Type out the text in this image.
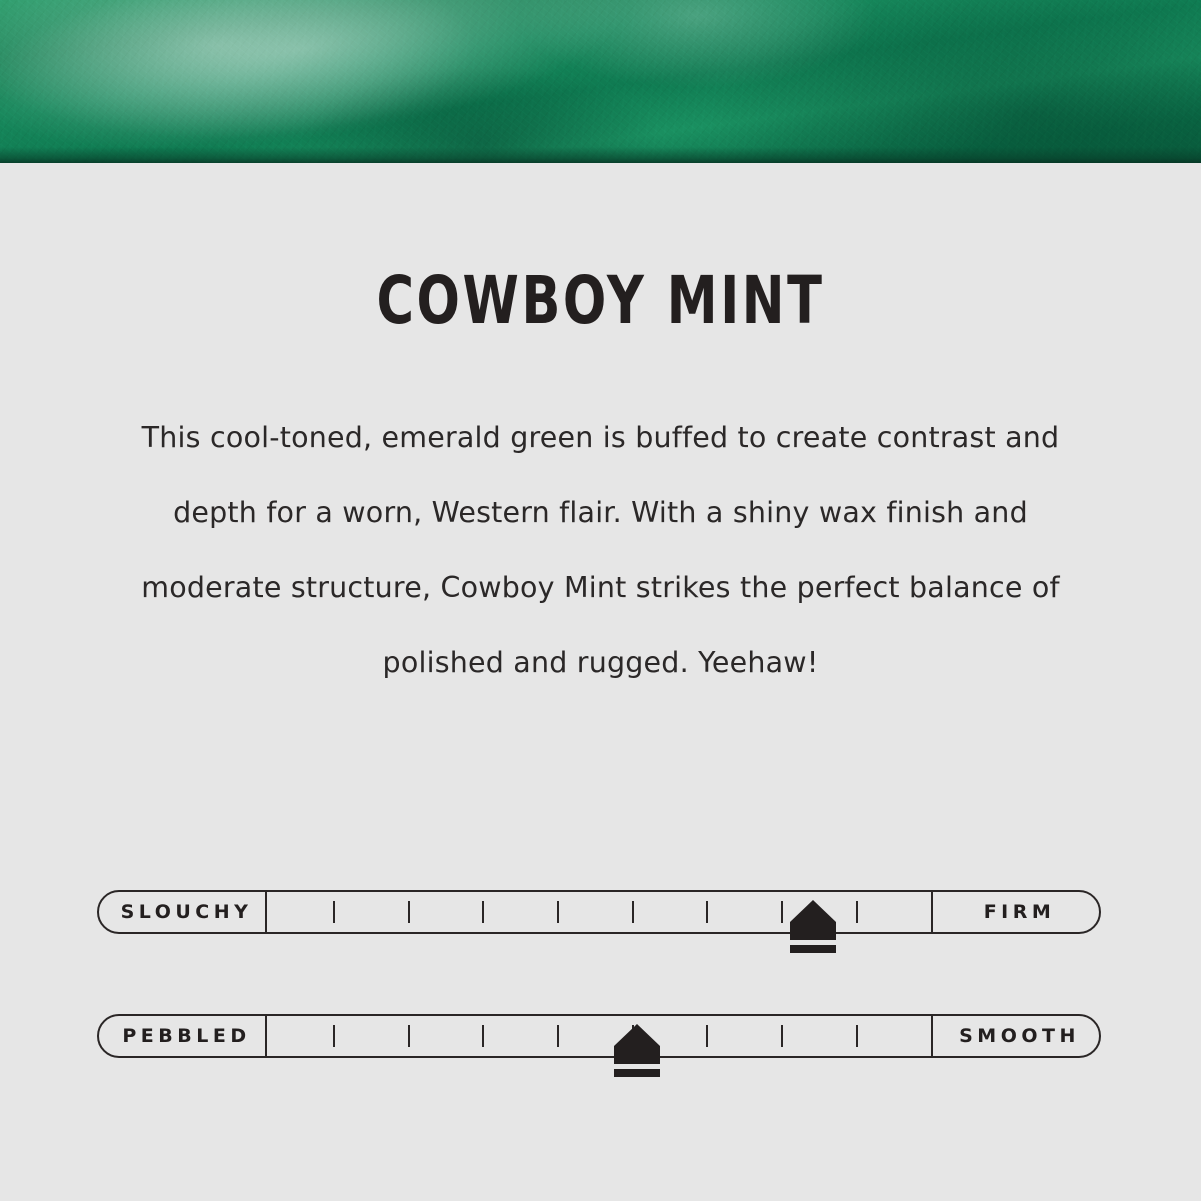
COWBOY MINT

This cool-toned, emerald green is buffed to create contrast and depth for a worn, Western flair. With a shiny wax finish and moderate structure, Cowboy Mint strikes the perfect balance of polished and rugged. Yeehaw!

SLOUCHY	FIRM
PEBBLED	SMOOTH
